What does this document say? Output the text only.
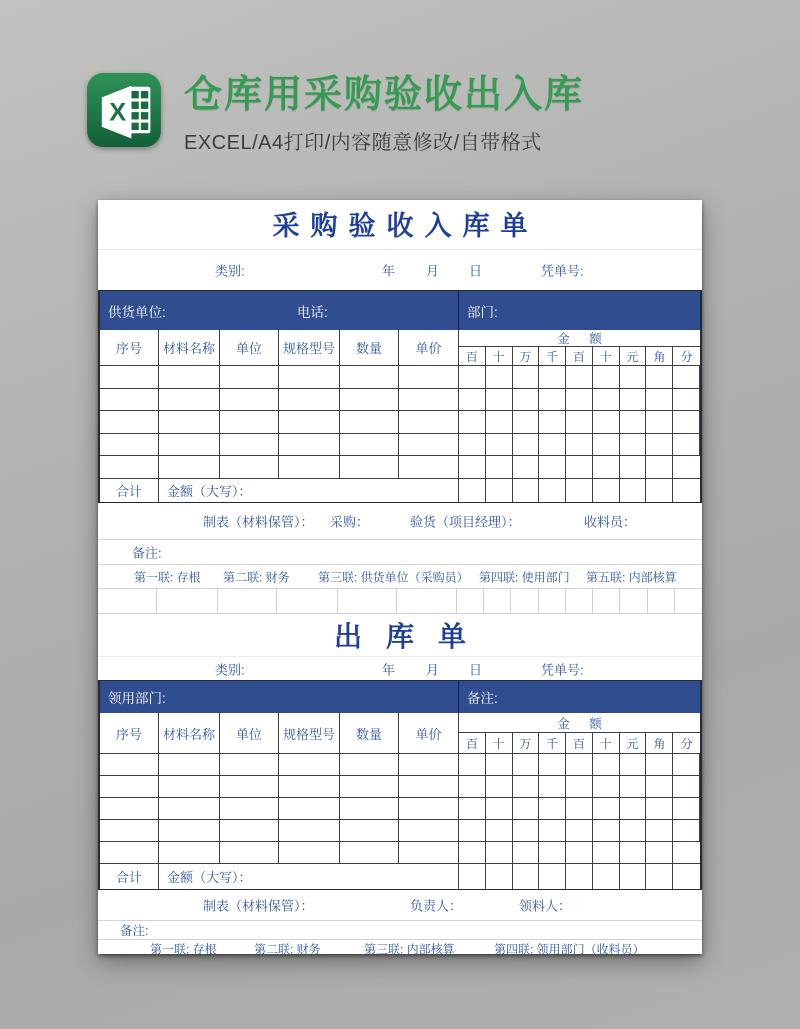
X 仓库用采购验收出入库
EXCEL/A4打印/内容随意修改/自带格式
采购验收入库单
类别:	年 月 日	凭单号:
供货单位:	电话:	部门:
序号	材料名称	单位	规格型号	数量	单价
金 额
百	十	万	千	百	十	元	角	分
合计	金额（大写）：
制表（材料保管）： 采购：	验货（项目经理）：	收料员：
备注:
第一联: 存根 第二联: 财务 第三联: 供货单位（采购员） 第四联: 使用部门 第五联: 内部核算
出库单
类别:	年 月 日	凭单号:
领用部门:	备注:
序号	材料名称	单位	规格型号	数量	单价
金 额
百	十	万	千	百	十	元	角	分
合计	金额（大写）：
制表（材料保管）：	负责人：	领料人：
备注:
第一联: 存根	第二联: 财务	第三联: 内部核算	第四联: 领用部门（收料员）
